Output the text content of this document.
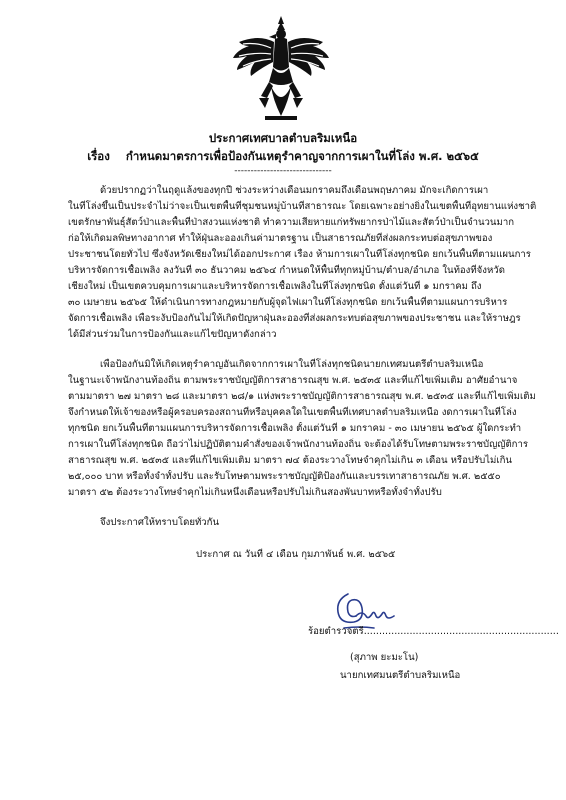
ประกาศเทศบาลตำบลริมเหนือ
เรื่อง กำหนดมาตรการเพื่อป้องกันเหตุรำคาญจากการเผาในที่โล่ง พ.ศ. ๒๕๖๕
------------------------------
ด้วยปรากฏว่าในฤดูแล้งของทุกปี ช่วงระหว่างเดือนมกราคมถึงเดือนพฤษภาคม มักจะเกิดการเผา
ในที่โล่งขึ้นเป็นประจำไม่ว่าจะเป็นเขตพื้นที่ชุมชนหมู่บ้านที่สาธารณะ โดยเฉพาะอย่างยิ่งในเขตพื้นที่อุทยานแห่งชาติ
เขตรักษาพันธุ์สัตว์ป่าและพื้นที่ป่าสงวนแห่งชาติ ทำความเสียหายแก่ทรัพยากรป่าไม้และสัตว์ป่าเป็นจำนวนมาก
ก่อให้เกิดมลพิษทางอากาศ ทำให้ฝุ่นละอองเกินค่ามาตรฐาน เป็นสาธารณภัยที่ส่งผลกระทบต่อสุขภาพของ
ประชาชนโดยทั่วไป ซึ่งจังหวัดเชียงใหม่ได้ออกประกาศ เรื่อง ห้ามการเผาในที่โล่งทุกชนิด ยกเว้นพื้นที่ตามแผนการ
บริหารจัดการเชื้อเพลิง ลงวันที่ ๓๐ ธันวาคม ๒๕๖๔ กำหนดให้พื้นที่ทุกหมู่บ้าน/ตำบล/อำเภอ ในท้องที่จังหวัด
เชียงใหม่ เป็นเขตควบคุมการเผาและบริหารจัดการเชื้อเพลิงในที่โล่งทุกชนิด ตั้งแต่วันที่ ๑ มกราคม ถึง
๓๐ เมษายน ๒๕๖๕ ให้ดำเนินการทางกฎหมายกับผู้จุดไฟเผาในที่โล่งทุกชนิด ยกเว้นพื้นที่ตามแผนการบริหาร
จัดการเชื้อเพลิง เพื่อระงับป้องกันไม่ให้เกิดปัญหาฝุ่นละอองที่ส่งผลกระทบต่อสุขภาพของประชาชน และให้ราษฎร
ได้มีส่วนร่วมในการป้องกันและแก้ไขปัญหาดังกล่าว
เพื่อป้องกันมิให้เกิดเหตุรำคาญอันเกิดจากการเผาในที่โล่งทุกชนิดนายกเทศมนตรีตำบลริมเหนือ
ในฐานะเจ้าพนักงานท้องถิ่น ตามพระราชบัญญัติการสาธารณสุข พ.ศ. ๒๕๓๕ และที่แก้ไขเพิ่มเติม อาศัยอำนาจ
ตามมาตรา ๒๗ มาตรา ๒๘ และมาตรา ๒๘/๑ แห่งพระราชบัญญัติการสาธารณสุข พ.ศ. ๒๕๓๕ และที่แก้ไขเพิ่มเติม
จึงกำหนดให้เจ้าของหรือผู้ครอบครองสถานที่หรือบุคคลใดในเขตพื้นที่เทศบาลตำบลริมเหนือ งดการเผาในที่โล่ง
ทุกชนิด ยกเว้นพื้นที่ตามแผนการบริหารจัดการเชื้อเพลิง ตั้งแต่วันที่ ๑ มกราคม - ๓๐ เมษายน ๒๕๖๕ ผู้ใดกระทำ
การเผาในที่โล่งทุกชนิด ถือว่าไม่ปฏิบัติตามคำสั่งของเจ้าพนักงานท้องถิ่น จะต้องได้รับโทษตามพระราชบัญญัติการ
สาธารณสุข พ.ศ. ๒๕๓๕ และที่แก้ไขเพิ่มเติม มาตรา ๗๔ ต้องระวางโทษจำคุกไม่เกิน ๓ เดือน หรือปรับไม่เกิน
๒๕,๐๐๐ บาท หรือทั้งจำทั้งปรับ และรับโทษตามพระราชบัญญัติป้องกันและบรรเทาสาธารณภัย พ.ศ. ๒๕๕๐
มาตรา ๕๒ ต้องระวางโทษจำคุกไม่เกินหนึ่งเดือนหรือปรับไม่เกินสองพันบาทหรือทั้งจำทั้งปรับ
จึงประกาศให้ทราบโดยทั่วกัน
ประกาศ ณ วันที่ ๔ เดือน กุมภาพันธ์ พ.ศ. ๒๕๖๕
ร้อยตำรวจตรี................................................................
(สุภาพ ยะมะโน)
นายกเทศมนตรีตำบลริมเหนือ
